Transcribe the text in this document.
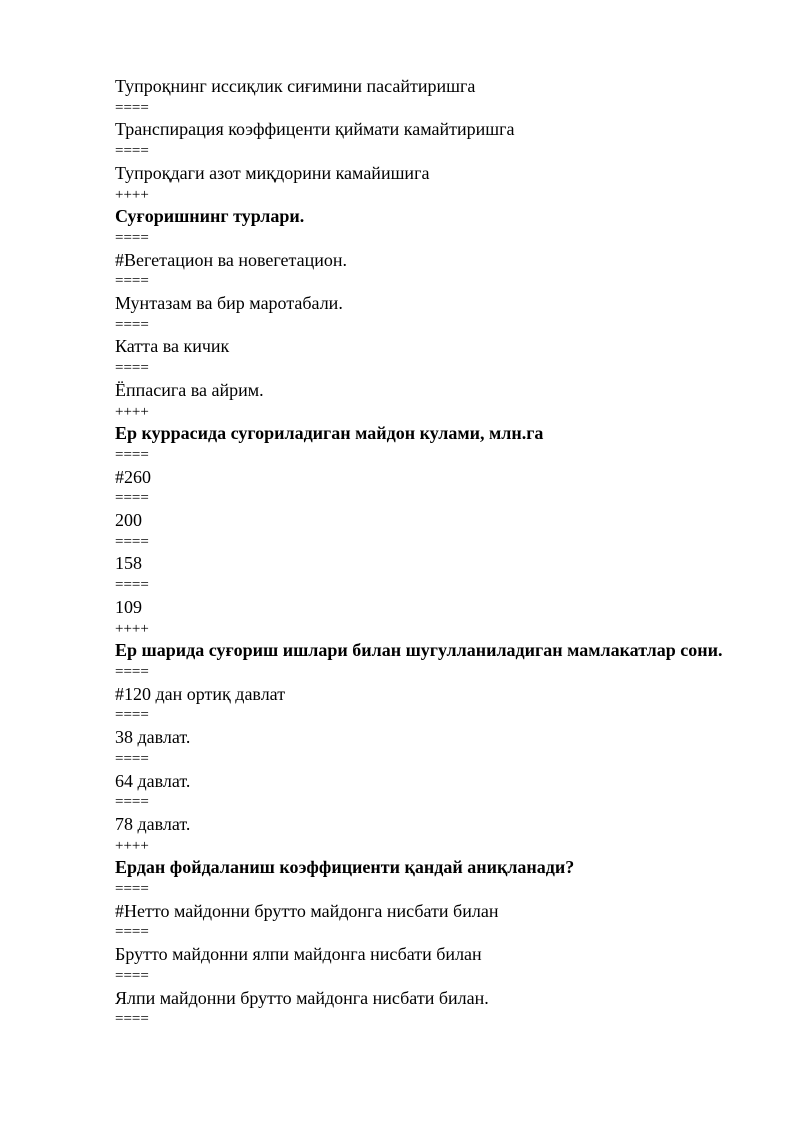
Тупроқнинг иссиқлик сиғимини пасайтиришга
====
Транспирация коэффиценти қиймати камайтиришга
====
Тупроқдаги азот миқдорини камайишига
++++
Суғоришнинг турлари.
====
#Вегетацион ва новегетацион.
====
Мунтазам ва бир маротабали.
====
Катта ва кичик
====
Ёппасига ва айрим.
++++
Ер куррасида сугориладиган майдон кулами, млн.га
====
#260
====
200
====
158
====
109
++++
Ер шарида суғориш ишлари билан шугулланиладиган мамлакатлар сони.
====
#120 дан ортиқ давлат
====
38 давлат.
====
64 давлат.
====
78 давлат.
++++
Ердан фойдаланиш коэффициенти қандай аниқланади?
====
#Нетто майдонни брутто майдонга нисбати билан
====
Брутто майдонни ялпи майдонга нисбати билан
====
Ялпи майдонни брутто майдонга нисбати билан.
====
